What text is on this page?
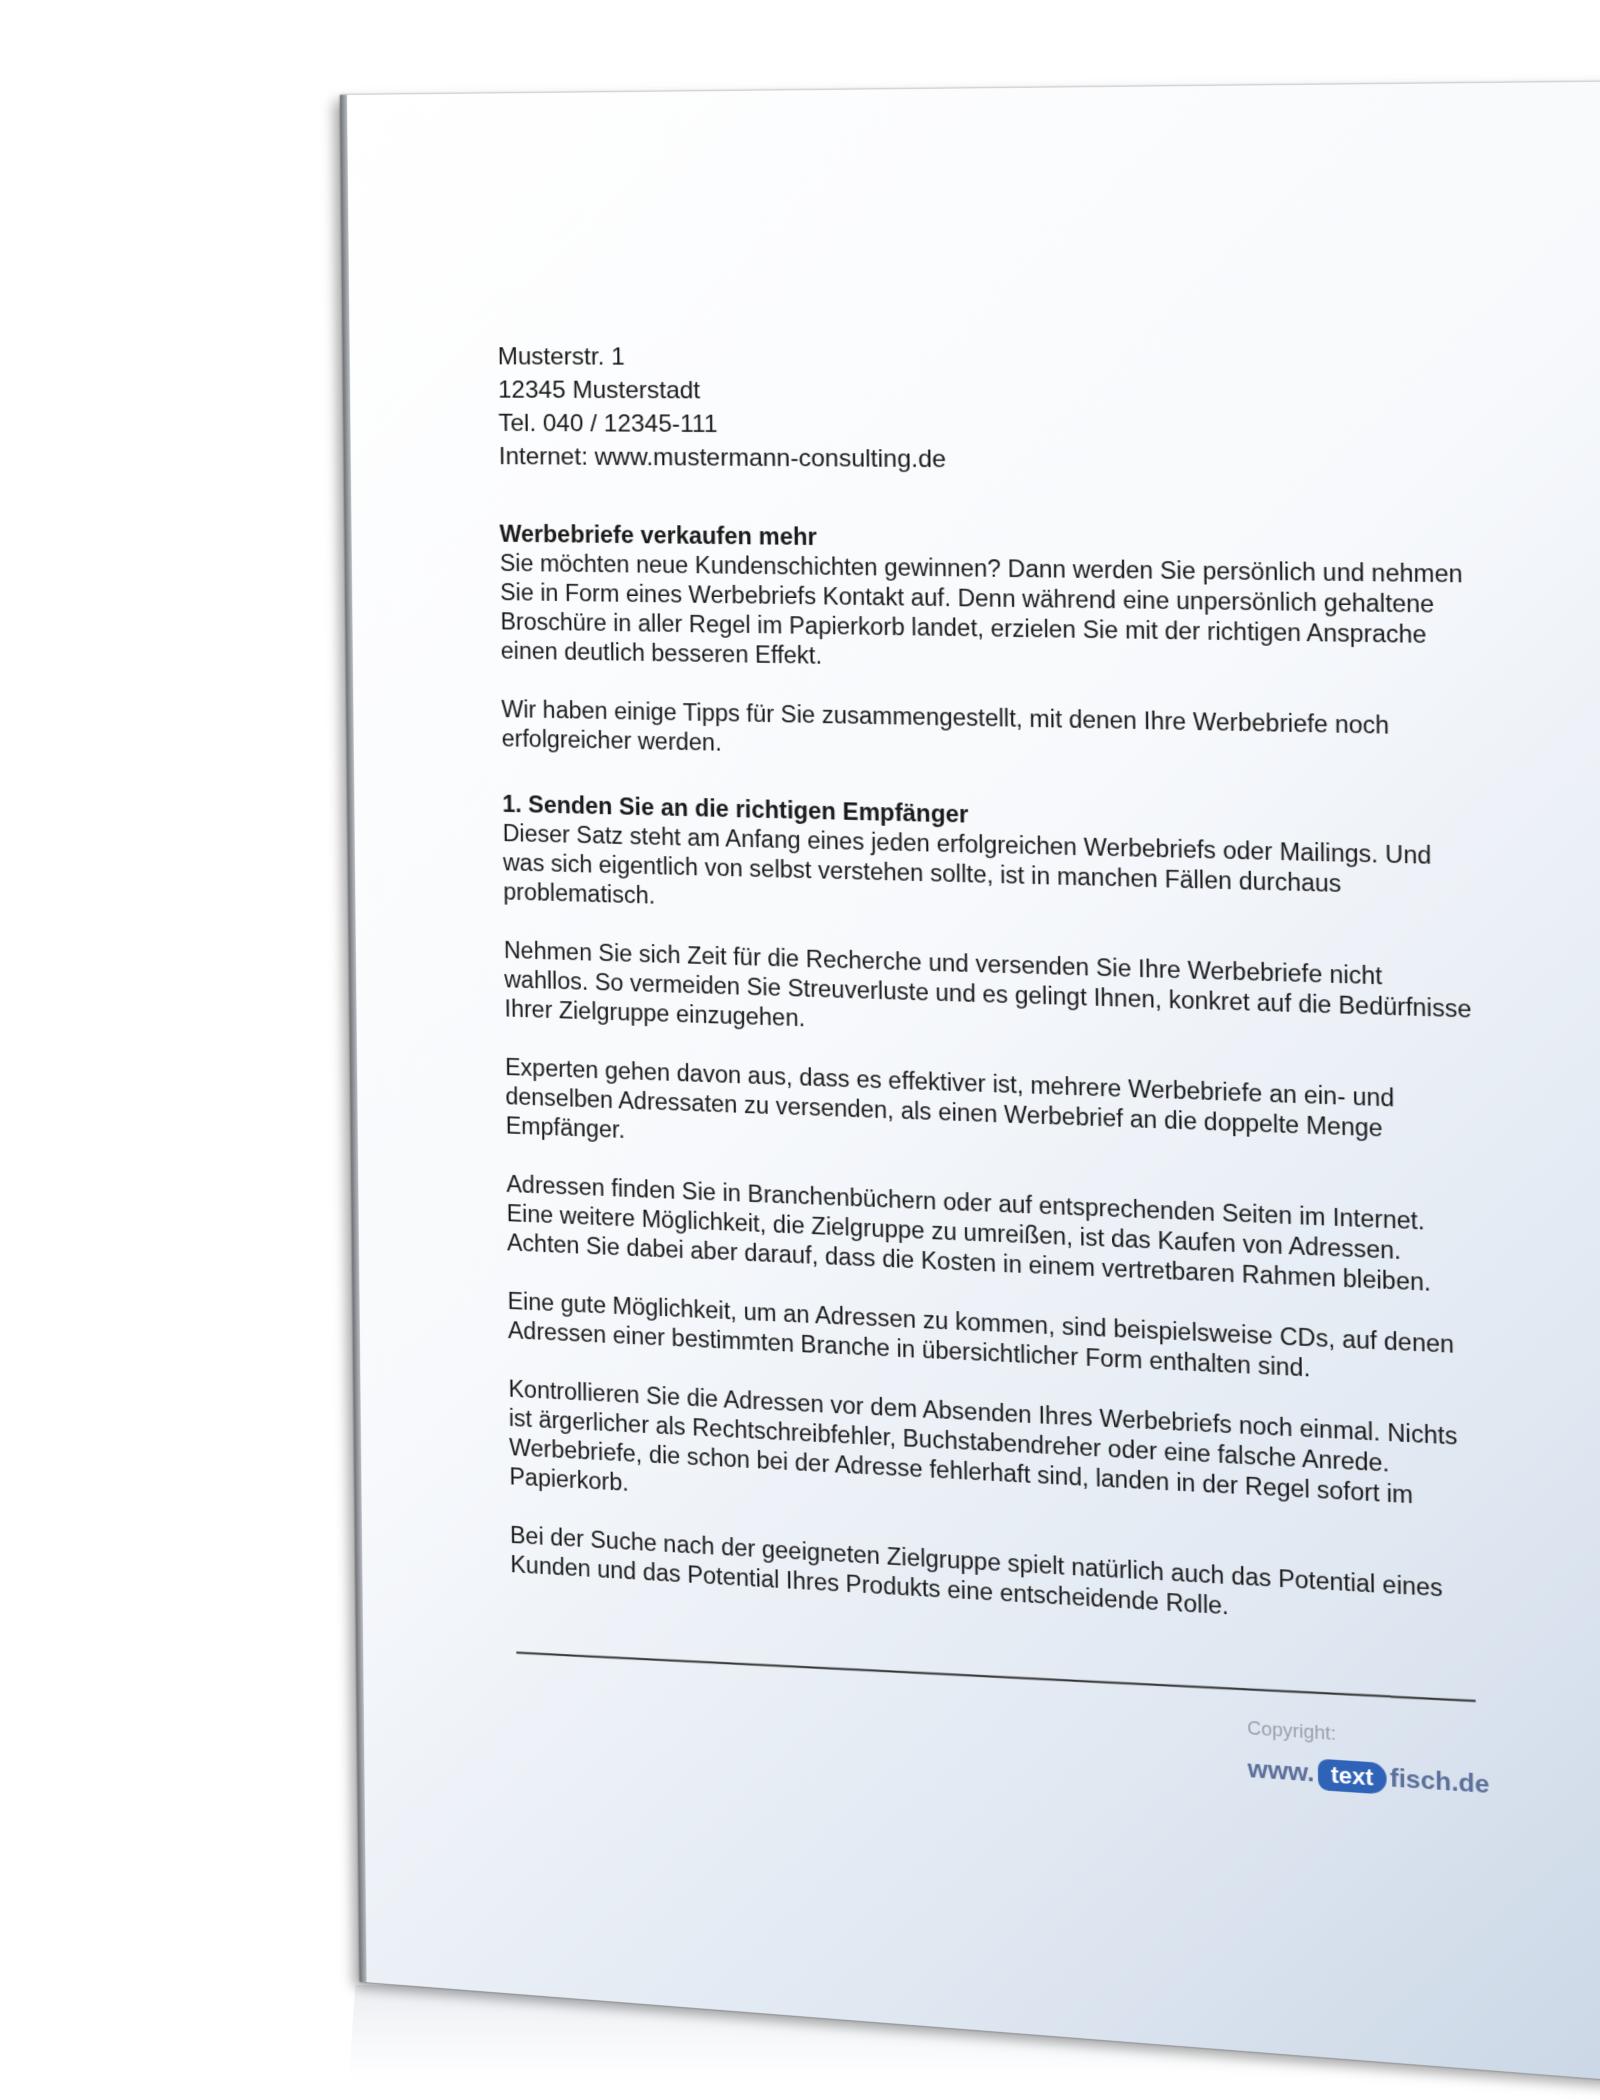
Musterstr. 1

12345 Musterstadt

Tel. 040 / 12345-111

Internet: www.mustermann-consulting.de

Werbebriefe verkaufen mehr

Sie möchten neue Kundenschichten gewinnen? Dann werden Sie persönlich und nehmen Sie in Form eines Werbebriefs Kontakt auf. Denn während eine unpersönlich gehaltene Broschüre in aller Regel im Papierkorb landet, erzielen Sie mit der richtigen Ansprache einen deutlich besseren Effekt.

Wir haben einige Tipps für Sie zusammengestellt, mit denen Ihre Werbebriefe noch erfolgreicher werden.

1. Senden Sie an die richtigen Empfänger

Dieser Satz steht am Anfang eines jeden erfolgreichen Werbebriefs oder Mailings. Und was sich eigentlich von selbst verstehen sollte, ist in manchen Fällen durchaus problematisch.

Nehmen Sie sich Zeit für die Recherche und versenden Sie Ihre Werbebriefe nicht wahllos. So vermeiden Sie Streuverluste und es gelingt Ihnen, konkret auf die Bedürfnisse Ihrer Zielgruppe einzugehen.

Experten gehen davon aus, dass es effektiver ist, mehrere Werbebriefe an ein- und denselben Adressaten zu versenden, als einen Werbebrief an die doppelte Menge Empfänger.

Adressen finden Sie in Branchenbüchern oder auf entsprechenden Seiten im Internet. Eine weitere Möglichkeit, die Zielgruppe zu umreißen, ist das Kaufen von Adressen. Achten Sie dabei aber darauf, dass die Kosten in einem vertretbaren Rahmen bleiben.

Eine gute Möglichkeit, um an Adressen zu kommen, sind beispielsweise CDs, auf denen Adressen einer bestimmten Branche in übersichtlicher Form enthalten sind.

Kontrollieren Sie die Adressen vor dem Absenden Ihres Werbebriefs noch einmal. Nichts ist ärgerlicher als Rechtschreibfehler, Buchstabendreher oder eine falsche Anrede. Werbebriefe, die schon bei der Adresse fehlerhaft sind, landen in der Regel sofort im Papierkorb.

Bei der Suche nach der geeigneten Zielgruppe spielt natürlich auch das Potential eines Kunden und das Potential Ihres Produkts eine entscheidende Rolle.

Copyright:
www. text fisch .de
